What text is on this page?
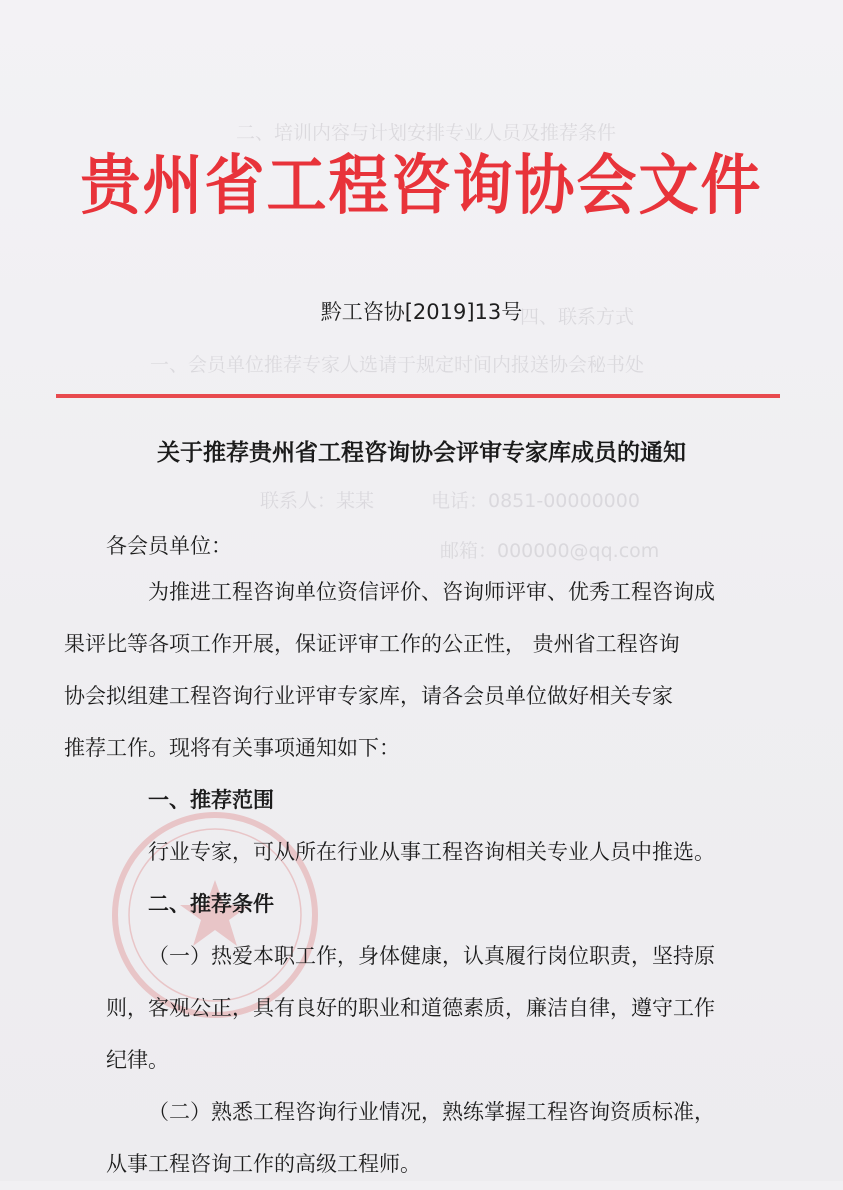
二、培训内容与计划安排专业人员及推荐条件
四、联系方式
一、会员单位推荐专家人选请于规定时间内报送协会秘书处
联系人：某某　　　电话：0851-00000000
邮箱：000000@qq.com
贵州省工程咨询协会文件
黔工咨协[2019]13号
关于推荐贵州省工程咨询协会评审专家库成员的通知
各会员单位：

为推进工程咨询单位资信评价、咨询师评审、优秀工程咨询成
果评比等各项工作开展，保证评审工作的公正性， 贵州省工程咨询
协会拟组建工程咨询行业评审专家库，请各会员单位做好相关专家
推荐工作。现将有关事项通知如下：

一、推荐范围

行业专家，可从所在行业从事工程咨询相关专业人员中推选。

二、推荐条件

（一）热爱本职工作，身体健康，认真履行岗位职责，坚持原
则，客观公正，具有良好的职业和道德素质，廉洁自律，遵守工作
纪律。

（二）熟悉工程咨询行业情况，熟练掌握工程咨询资质标准，
从事工程咨询工作的高级工程师。
